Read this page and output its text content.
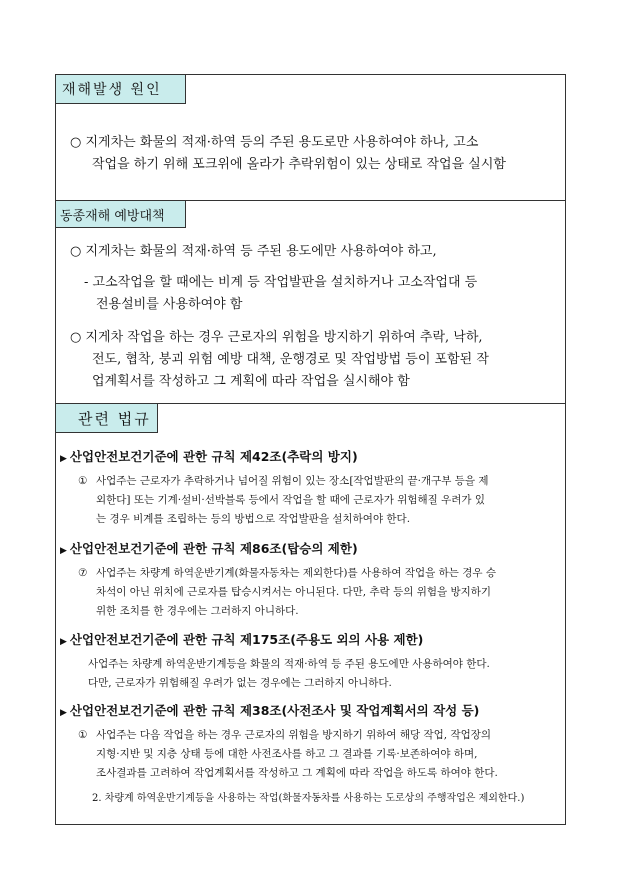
재해발생 원인

○ 지게차는 화물의 적재·하역 등의 주된 용도로만 사용하여야 하나, 고소
작업을 하기 위해 포크위에 올라가 추락위험이 있는 상태로 작업을 실시함

동종재해 예방대책

○ 지게차는 화물의 적재·하역 등 주된 용도에만 사용하여야 하고,

- 고소작업을 할 때에는 비계 등 작업발판을 설치하거나 고소작업대 등
전용설비를 사용하여야 함

○ 지게차 작업을 하는 경우 근로자의 위험을 방지하기 위하여 추락, 낙하,
전도, 협착, 붕괴 위험 예방 대책, 운행경로 및 작업방법 등이 포함된 작
업계획서를 작성하고 그 계획에 따라 작업을 실시해야 함

관련 법규
▶ 산업안전보건기준에 관한 규칙 제42조(추락의 방지)

① 사업주는 근로자가 추락하거나 넘어질 위험이 있는 장소[작업발판의 끝·개구부 등을 제
외한다] 또는 기계·설비·선박블록 등에서 작업을 할 때에 근로자가 위험해질 우려가 있
는 경우 비계를 조립하는 등의 방법으로 작업발판을 설치하여야 한다.

▶ 산업안전보건기준에 관한 규칙 제86조(탑승의 제한)

⑦ 사업주는 차량계 하역운반기계(화물자동차는 제외한다)를 사용하여 작업을 하는 경우 승
차석이 아닌 위치에 근로자를 탑승시켜서는 아니된다. 다만, 추락 등의 위험을 방지하기
위한 조치를 한 경우에는 그러하지 아니하다.

▶ 산업안전보건기준에 관한 규칙 제175조(주용도 외의 사용 제한)

사업주는 차량계 하역운반기계등을 화물의 적재·하역 등 주된 용도에만 사용하여야 한다.
다만, 근로자가 위험해질 우려가 없는 경우에는 그러하지 아니하다.

▶ 산업안전보건기준에 관한 규칙 제38조(사전조사 및 작업계획서의 작성 등)

① 사업주는 다음 작업을 하는 경우 근로자의 위험을 방지하기 위하여 해당 작업, 작업장의
지형·지반 및 지층 상태 등에 대한 사전조사를 하고 그 결과를 기록·보존하여야 하며,
조사결과를 고려하여 작업계획서를 작성하고 그 계획에 따라 작업을 하도록 하여야 한다.

2. 차량계 하역운반기계등을 사용하는 작업(화물자동차를 사용하는 도로상의 주행작업은 제외한다.)
